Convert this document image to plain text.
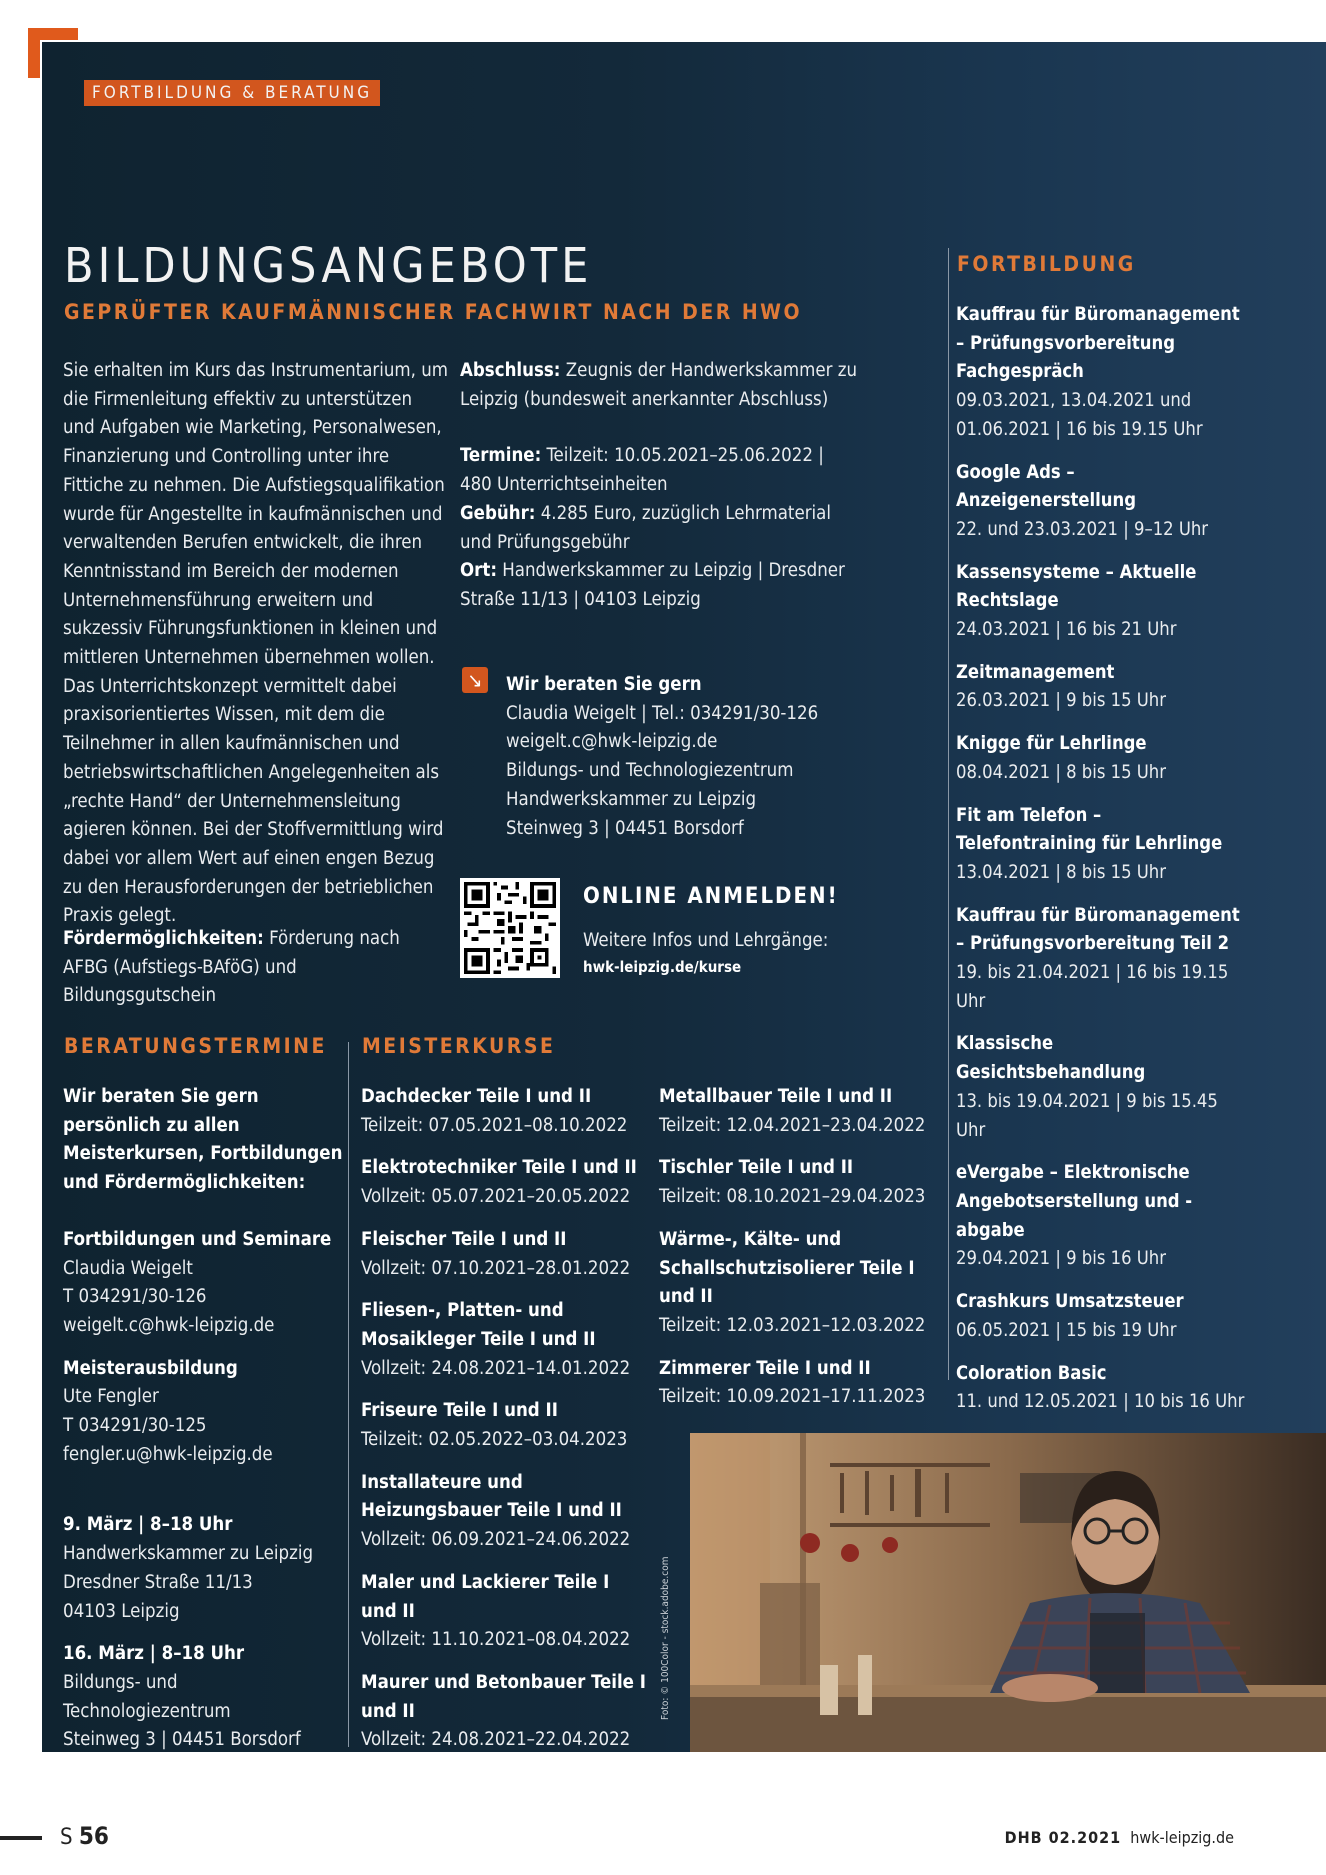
FORTBILDUNG & BERATUNG
BILDUNGSANGEBOTE
GEPRÜFTER KAUFMÄNNISCHER FACHWIRT NACH DER HWO
Sie erhalten im Kurs das Instrumentarium, um die Firmenleitung effektiv zu unterstützen und Aufgaben wie Marketing, Personalwesen, Finanzierung und Controlling unter ihre Fittiche zu nehmen. Die Aufstiegsqualifikation wurde für Angestellte in kaufmännischen und verwaltenden Berufen entwickelt, die ihren Kenntnisstand im Bereich der modernen Unternehmensführung erweitern und sukzessiv Führungsfunktionen in kleinen und mittleren Unternehmen übernehmen wollen. Das Unterrichtskonzept vermittelt dabei praxisorientiertes Wissen, mit dem die Teilnehmer in allen kaufmännischen und betriebswirtschaftlichen Angelegenheiten als „rechte Hand“ der Unternehmensleitung agieren können. Bei der Stoffvermittlung wird dabei vor allem Wert auf einen engen Bezug zu den Herausforderungen der betrieblichen Praxis gelegt.
Fördermöglichkeiten: Förderung nach AFBG (Aufstiegs-BAföG) und Bildungsgutschein

Abschluss: Zeugnis der Handwerkskammer zu Leipzig (bundesweit anerkannter Abschluss)

Termine: Teilzeit: 10.05.2021–25.06.2022 | 480 Unterrichtseinheiten
Gebühr: 4.285 Euro, zuzüglich Lehrmaterial und Prüfungsgebühr
Ort: Handwerkskammer zu Leipzig | Dresdner Straße 11/13 | 04103 Leipzig
↘ Wir beraten Sie gern
Claudia Weigelt | Tel.: 034291/30-126
weigelt.c@hwk-leipzig.de
Bildungs- und Technologiezentrum
Handwerkskammer zu Leipzig
Steinweg 3 | 04451 Borsdorf
ONLINE ANMELDEN!
Weitere Infos und Lehrgänge:
hwk-leipzig.de/kurse
BERATUNGSTERMINE MEISTERKURSE

Wir beraten Sie gern persönlich zu allen Meisterkursen, Fortbildungen und Fördermöglichkeiten:

Fortbildungen und Seminare
Claudia Weigelt
T 034291/30-126
weigelt.c@hwk-leipzig.de
Meisterausbildung
Ute Fengler
T 034291/30-125
fengler.u@hwk-leipzig.de
9. März | 8–18 Uhr
Handwerkskammer zu Leipzig
Dresdner Straße 11/13
04103 Leipzig
16. März | 8–18 Uhr
Bildungs- und Technologiezentrum
Steinweg 3 | 04451 Borsdorf
Dachdecker Teile I und II
Teilzeit: 07.05.2021–08.10.2022
Elektrotechniker Teile I und II
Vollzeit: 05.07.2021–20.05.2022
Fleischer Teile I und II
Vollzeit: 07.10.2021–28.01.2022
Fliesen-, Platten- und Mosaikleger Teile I und II
Vollzeit: 24.08.2021–14.01.2022
Friseure Teile I und II
Teilzeit: 02.05.2022–03.04.2023
Installateure und Heizungsbauer Teile I und II
Vollzeit: 06.09.2021–24.06.2022
Maler und Lackierer Teile I und II
Vollzeit: 11.10.2021–08.04.2022
Maurer und Betonbauer Teile I und II
Vollzeit: 24.08.2021–22.04.2022
Metallbauer Teile I und II
Teilzeit: 12.04.2021–23.04.2022
Tischler Teile I und II
Teilzeit: 08.10.2021–29.04.2023
Wärme-, Kälte- und Schallschutzisolierer Teile I und II
Teilzeit: 12.03.2021–12.03.2022
Zimmerer Teile I und II
Teilzeit: 10.09.2021–17.11.2023
FORTBILDUNG
Kauffrau für Büromanagement – Prüfungsvorbereitung Fachgespräch
09.03.2021, 13.04.2021 und 01.06.2021 | 16 bis 19.15 Uhr
Google Ads – Anzeigenerstellung
22. und 23.03.2021 | 9–12 Uhr
Kassensysteme – Aktuelle Rechtslage
24.03.2021 | 16 bis 21 Uhr
Zeitmanagement
26.03.2021 | 9 bis 15 Uhr
Knigge für Lehrlinge
08.04.2021 | 8 bis 15 Uhr
Fit am Telefon – Telefontraining für Lehrlinge
13.04.2021 | 8 bis 15 Uhr
Kauffrau für Büromanagement – Prüfungsvorbereitung Teil 2
19. bis 21.04.2021 | 16 bis 19.15 Uhr
Klassische Gesichtsbehandlung
13. bis 19.04.2021 | 9 bis 15.45 Uhr
eVergabe – Elektronische Angebotserstellung und -abgabe
29.04.2021 | 9 bis 16 Uhr
Crashkurs Umsatzsteuer
06.05.2021 | 15 bis 19 Uhr
Coloration Basic
11. und 12.05.2021 | 10 bis 16 Uhr
Foto: © 100Color - stock.adobe.com
S 56	DHB 02.2021 hwk-leipzig.de
